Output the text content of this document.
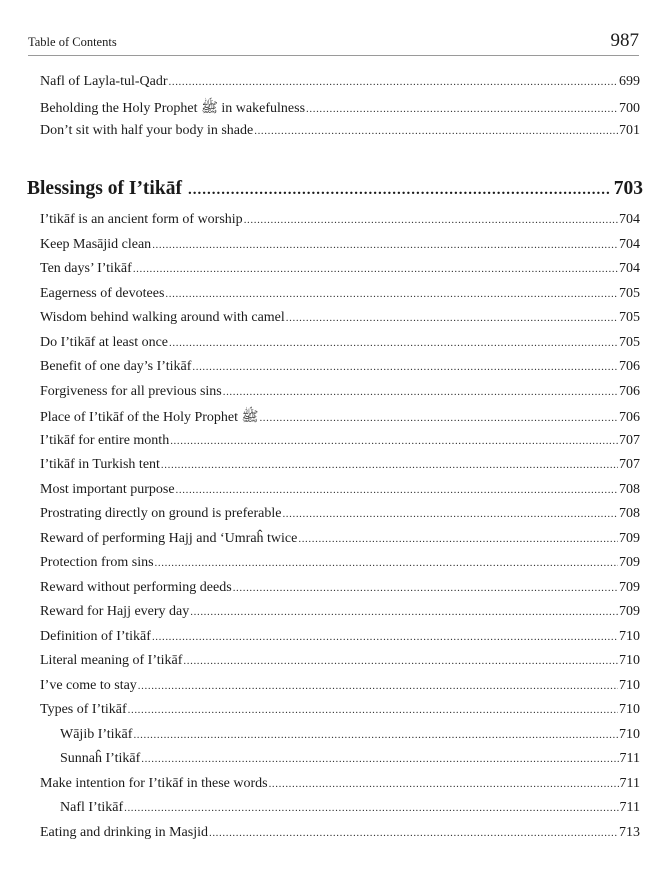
Table of Contents	987
Nafl of Layla-tul-Qadr .....	699
Beholding the Holy Prophet ﷺ in wakefulness .....	700
Don’t sit with half your body in shade .....	701
Blessings of I’tikāf .....	703
I’tikāf is an ancient form of worship .....	704
Keep Masājid clean .....	704
Ten days’ I’tikāf .....	704
Eagerness of devotees .....	705
Wisdom behind walking around with camel .....	705
Do I’tikāf at least once .....	705
Benefit of one day’s I’tikāf .....	706
Forgiveness for all previous sins .....	706
Place of I’tikāf of the Holy Prophet ﷺ .....	706
I’tikāf for entire month .....	707
I’tikāf in Turkish tent .....	707
Most important purpose .....	708
Prostrating directly on ground is preferable .....	708
Reward of performing Hajj and ‘Umraĥ twice .....	709
Protection from sins .....	709
Reward without performing deeds .....	709
Reward for Hajj every day .....	709
Definition of I’tikāf .....	710
Literal meaning of I’tikāf .....	710
I’ve come to stay .....	710
Types of I’tikāf .....	710
Wājib I’tikāf .....	710
Sunnaĥ I’tikāf .....	711
Make intention for I’tikāf in these words .....	711
Nafl I’tikāf .....	711
Eating and drinking in Masjid .....	713
